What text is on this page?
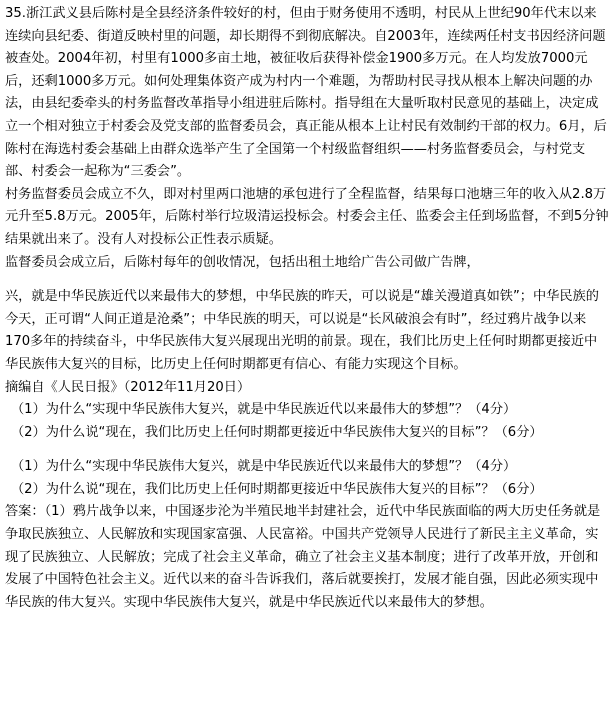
35.浙江武义县后陈村是全县经济条件较好的村，但由于财务使用不透明，村民从上世纪90年代末以来连续向县纪委、街道反映村里的问题，却长期得不到彻底解决。自2003年，连续两任村支书因经济问题被查处。2004年初，村里有1000多亩土地，被征收后获得补偿金1900多万元。在人均发放7000元后，还剩1000多万元。如何处理集体资产成为村内一个难题，为帮助村民寻找从根本上解决问题的办法，由县纪委牵头的村务监督改革指导小组进驻后陈村。指导组在大量听取村民意见的基础上，决定成立一个相对独立于村委会及党支部的监督委员会，真正能从根本上让村民有效制约干部的权力。6月，后陈村在海选村委会基础上由群众选举产生了全国第一个村级监督组织——村务监督委员会，与村党支部、村委会一起称为“三委会”。

村务监督委员会成立不久，即对村里两口池塘的承包进行了全程监督，结果每口池塘三年的收入从2.8万元升至5.8万元。2005年，后陈村举行垃圾清运投标会。村委会主任、监委会主任到场监督，不到5分钟结果就出来了。没有人对投标公正性表示质疑。

监督委员会成立后，后陈村每年的创收情况，包括出租土地给广告公司做广告牌，

兴，就是中华民族近代以来最伟大的梦想，中华民族的昨天，可以说是“雄关漫道真如铁”；中华民族的今天，正可谓“人间正道是沧桑”；中华民族的明天，可以说是“长风破浪会有时”，经过鸦片战争以来170多年的持续奋斗，中华民族伟大复兴展现出光明的前景。现在，我们比历史上任何时期都更接近中华民族伟大复兴的目标，比历史上任何时期都更有信心、有能力实现这个目标。

摘编自《人民日报》（2012年11月20日）

（1）为什么“实现中华民族伟大复兴，就是中华民族近代以来最伟大的梦想”？（4分）

（2）为什么说“现在，我们比历史上任何时期都更接近中华民族伟大复兴的目标”？（6分）

（1）为什么“实现中华民族伟大复兴，就是中华民族近代以来最伟大的梦想”？（4分）

（2）为什么说“现在，我们比历史上任何时期都更接近中华民族伟大复兴的目标”？（6分）

答案：（1）鸦片战争以来，中国逐步沦为半殖民地半封建社会，近代中华民族面临的两大历史任务就是争取民族独立、人民解放和实现国家富强、人民富裕。中国共产党领导人民进行了新民主主义革命，实现了民族独立、人民解放；完成了社会主义革命，确立了社会主义基本制度；进行了改革开放，开创和发展了中国特色社会主义。近代以来的奋斗告诉我们，落后就要挨打，发展才能自强，因此必须实现中华民族的伟大复兴。实现中华民族伟大复兴，就是中华民族近代以来最伟大的梦想。
